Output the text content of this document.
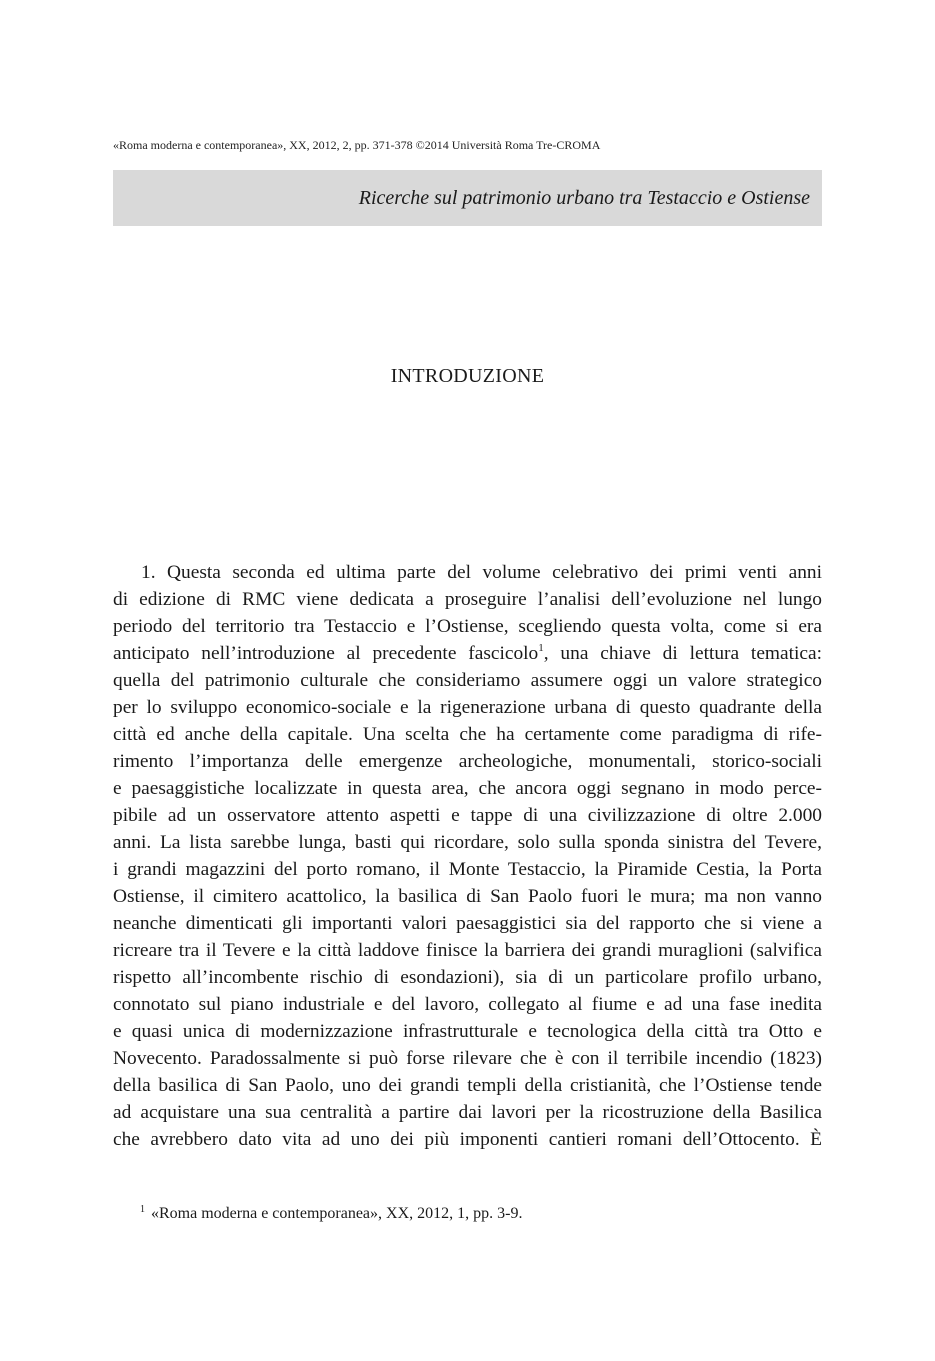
«Roma moderna e contemporanea», XX, 2012, 2, pp. 371-378 ©2014 Università Roma Tre-CROMA
Ricerche sul patrimonio urbano tra Testaccio e Ostiense
INTRODUZIONE
1. Questa seconda ed ultima parte del volume celebrativo dei primi venti anni
di edizione di RMC viene dedicata a proseguire l’analisi dell’evoluzione nel lungo
periodo del territorio tra Testaccio e l’Ostiense, scegliendo questa volta, come si era
anticipato nell’introduzione al precedente fascicolo$^1$, una chiave di lettura tematica:
quella del patrimonio culturale che consideriamo assumere oggi un valore strategico
per lo sviluppo economico-sociale e la rigenerazione urbana di questo quadrante della
città ed anche della capitale. Una scelta che ha certamente come paradigma di rife-
rimento l’importanza delle emergenze archeologiche, monumentali, storico-sociali
e paesaggistiche localizzate in questa area, che ancora oggi segnano in modo perce-
pibile ad un osservatore attento aspetti e tappe di una civilizzazione di oltre 2.000
anni. La lista sarebbe lunga, basti qui ricordare, solo sulla sponda sinistra del Tevere,
i grandi magazzini del porto romano, il Monte Testaccio, la Piramide Cestia, la Porta
Ostiense, il cimitero acattolico, la basilica di San Paolo fuori le mura; ma non vanno
neanche dimenticati gli importanti valori paesaggistici sia del rapporto che si viene a
ricreare tra il Tevere e la città laddove finisce la barriera dei grandi muraglioni (salvifica
rispetto all’incombente rischio di esondazioni), sia di un particolare profilo urbano,
connotato sul piano industriale e del lavoro, collegato al fiume e ad una fase inedita
e quasi unica di modernizzazione infrastrutturale e tecnologica della città tra Otto e
Novecento. Paradossalmente si può forse rilevare che è con il terribile incendio (1823)
della basilica di San Paolo, uno dei grandi templi della cristianità, che l’Ostiense tende
ad acquistare una sua centralità a partire dai lavori per la ricostruzione della Basilica
che avrebbero dato vita ad uno dei più imponenti cantieri romani dell’Ottocento. È
$^1$ «Roma moderna e contemporanea», XX, 2012, 1, pp. 3-9.
